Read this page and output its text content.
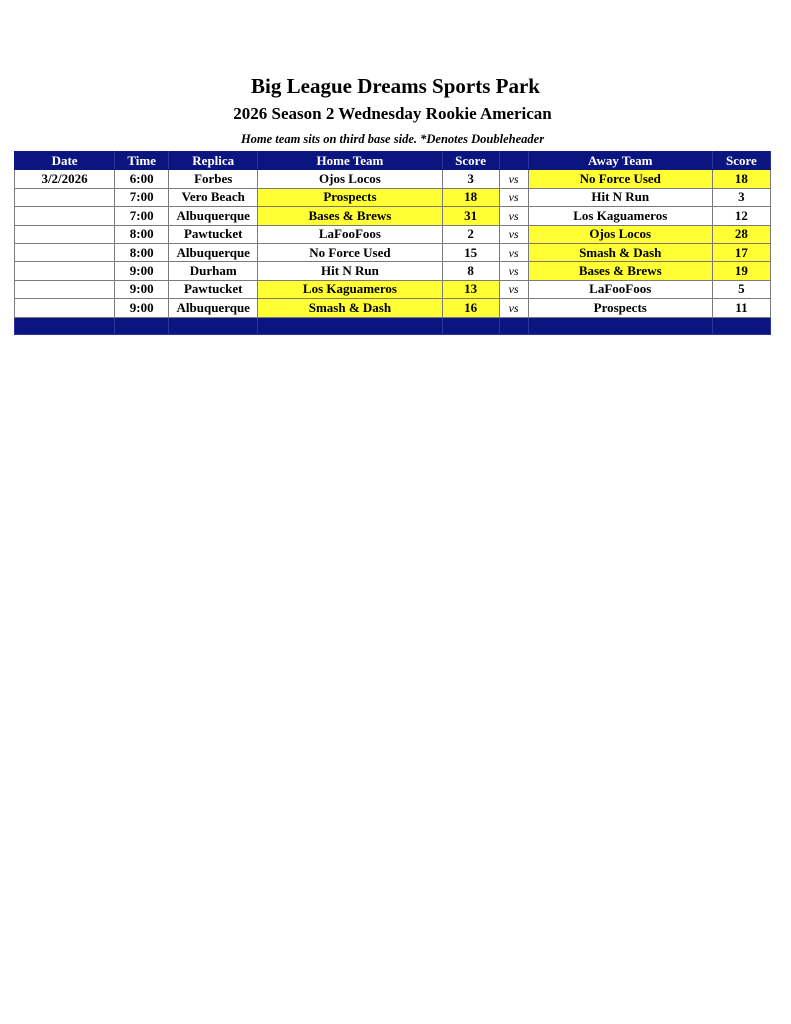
Big League Dreams Sports Park
2026 Season 2 Wednesday Rookie American
Home team sits on third base side. *Denotes Doubleheader
Date	Time	Replica	Home Team	Score		Away Team	Score
3/2/2026	6:00	Forbes	Ojos Locos	3	vs	No Force Used	18
	7:00	Vero Beach	Prospects	18	vs	Hit N Run	3
	7:00	Albuquerque	Bases & Brews	31	vs	Los Kaguameros	12
	8:00	Pawtucket	LaFooFoos	2	vs	Ojos Locos	28
	8:00	Albuquerque	No Force Used	15	vs	Smash & Dash	17
	9:00	Durham	Hit N Run	8	vs	Bases & Brews	19
	9:00	Pawtucket	Los Kaguameros	13	vs	LaFooFoos	5
	9:00	Albuquerque	Smash & Dash	16	vs	Prospects	11
